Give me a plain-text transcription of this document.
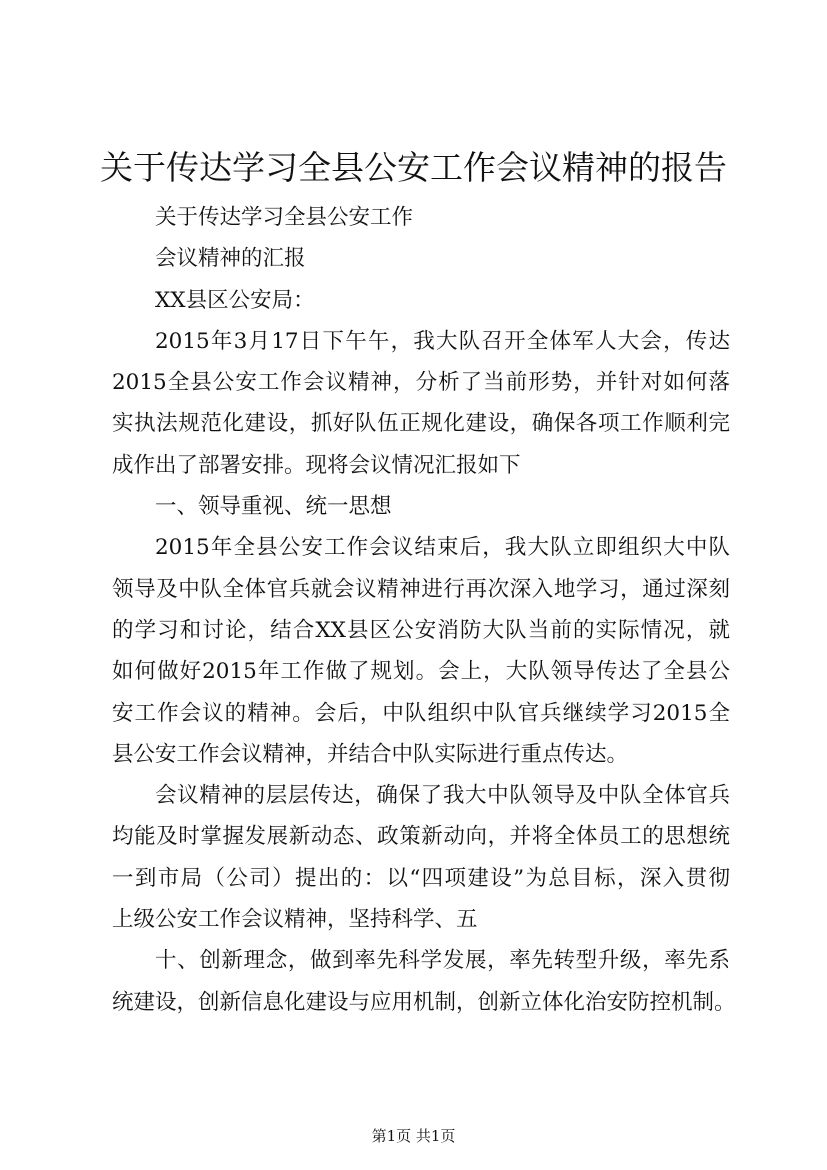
关于传达学习全县公安工作会议精神的报告
关于传达学习全县公安工作
会议精神的汇报
XX县区公安局：
2015年3月17日下午午，我大队召开全体军人大会，传达
2015全县公安工作会议精神，分析了当前形势，并针对如何落
实执法规范化建设，抓好队伍正规化建设，确保各项工作顺利完
成作出了部署安排。现将会议情况汇报如下
一、领导重视、统一思想
2015年全县公安工作会议结束后，我大队立即组织大中队
领导及中队全体官兵就会议精神进行再次深入地学习，通过深刻
的学习和讨论，结合XX县区公安消防大队当前的实际情况，就
如何做好2015年工作做了规划。会上，大队领导传达了全县公
安工作会议的精神。会后，中队组织中队官兵继续学习2015全
县公安工作会议精神，并结合中队实际进行重点传达。
会议精神的层层传达，确保了我大中队领导及中队全体官兵
均能及时掌握发展新动态、政策新动向，并将全体员工的思想统
一到市局（公司）提出的：以“四项建设”为总目标，深入贯彻
上级公安工作会议精神，坚持科学、五
十、创新理念，做到率先科学发展，率先转型升级，率先系
统建设，创新信息化建设与应用机制，创新立体化治安防控机制。
第1页 共1页
